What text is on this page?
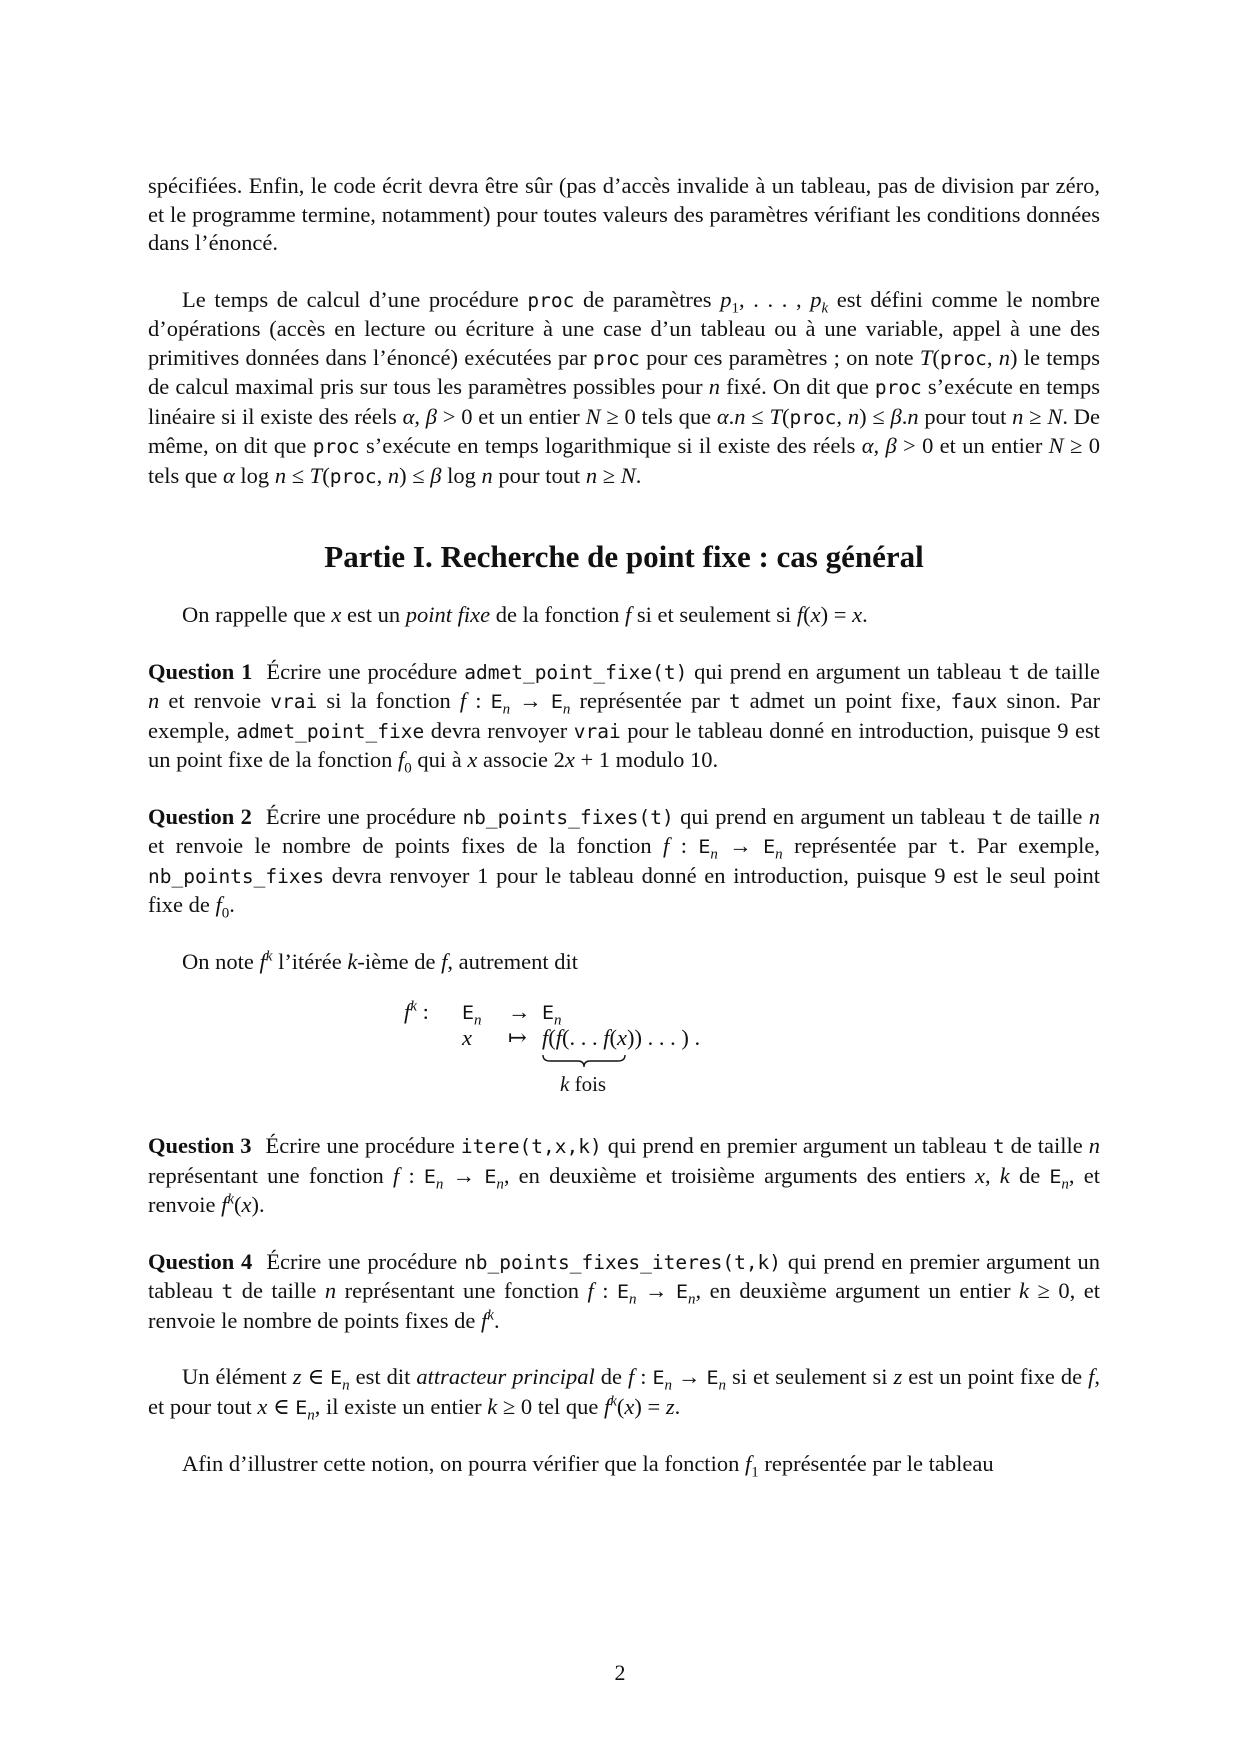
spécifiées. Enfin, le code écrit devra être sûr (pas d’accès invalide à un tableau, pas de division par zéro, et le programme termine, notamment) pour toutes valeurs des paramètres vérifiant les conditions données dans l’énoncé.

Le temps de calcul d’une procédure proc de paramètres $p_1$, . . . , $p_k$ est défini comme le nombre d’opérations (accès en lecture ou écriture à une case d’un tableau ou à une variable, appel à une des primitives données dans l’énoncé) exécutées par proc pour ces paramètres ; on note T(proc, n) le temps de calcul maximal pris sur tous les paramètres possibles pour n fixé. On dit que proc s’exécute en temps linéaire si il existe des réels α, β > 0 et un entier N ≥ 0 tels que α.n ≤ T(proc, n) ≤ β.n pour tout n ≥ N. De même, on dit que proc s’exécute en temps logarithmique si il existe des réels α, β > 0 et un entier N ≥ 0 tels que α log n ≤ T(proc, n) ≤ β log n pour tout n ≥ N.

Partie I. Recherche de point fixe : cas général

On rappelle que x est un point fixe de la fonction f si et seulement si f(x) = x.

Question 1 Écrire une procédure admet_point_fixe(t) qui prend en argument un tableau t de taille n et renvoie vrai si la fonction f : $E_n \to E_n$ représentée par t admet un point fixe, faux sinon. Par exemple, admet_point_fixe devra renvoyer vrai pour le tableau donné en introduction, puisque 9 est un point fixe de la fonction $f_0$ qui à x associe 2x + 1 modulo 10.

Question 2 Écrire une procédure nb_points_fixes(t) qui prend en argument un tableau t de taille n et renvoie le nombre de points fixes de la fonction f : $E_n \to E_n$ représentée par t. Par exemple, nb_points_fixes devra renvoyer 1 pour le tableau donné en introduction, puisque 9 est le seul point fixe de $f_0$.

On note $f^k$ l’itérée k-ième de f, autrement dit

$f^k$ : $E_n \to E_n$
x ↦ f(f(. . . f(x)) . . . ) .
k fois

Question 3 Écrire une procédure itere(t,x,k) qui prend en premier argument un tableau t de taille n représentant une fonction f : $E_n \to E_n$, en deuxième et troisième arguments des entiers x, k de $E_n$, et renvoie $f^k(x)$.

Question 4 Écrire une procédure nb_points_fixes_iteres(t,k) qui prend en premier argument un tableau t de taille n représentant une fonction f : $E_n \to E_n$, en deuxième argument un entier k ≥ 0, et renvoie le nombre de points fixes de $f^k$.

Un élément z ∈ $E_n$ est dit attracteur principal de f : $E_n \to E_n$ si et seulement si z est un point fixe de f, et pour tout x ∈ $E_n$, il existe un entier k ≥ 0 tel que $f^k(x) = z$.

Afin d’illustrer cette notion, on pourra vérifier que la fonction $f_1$ représentée par le tableau

2
